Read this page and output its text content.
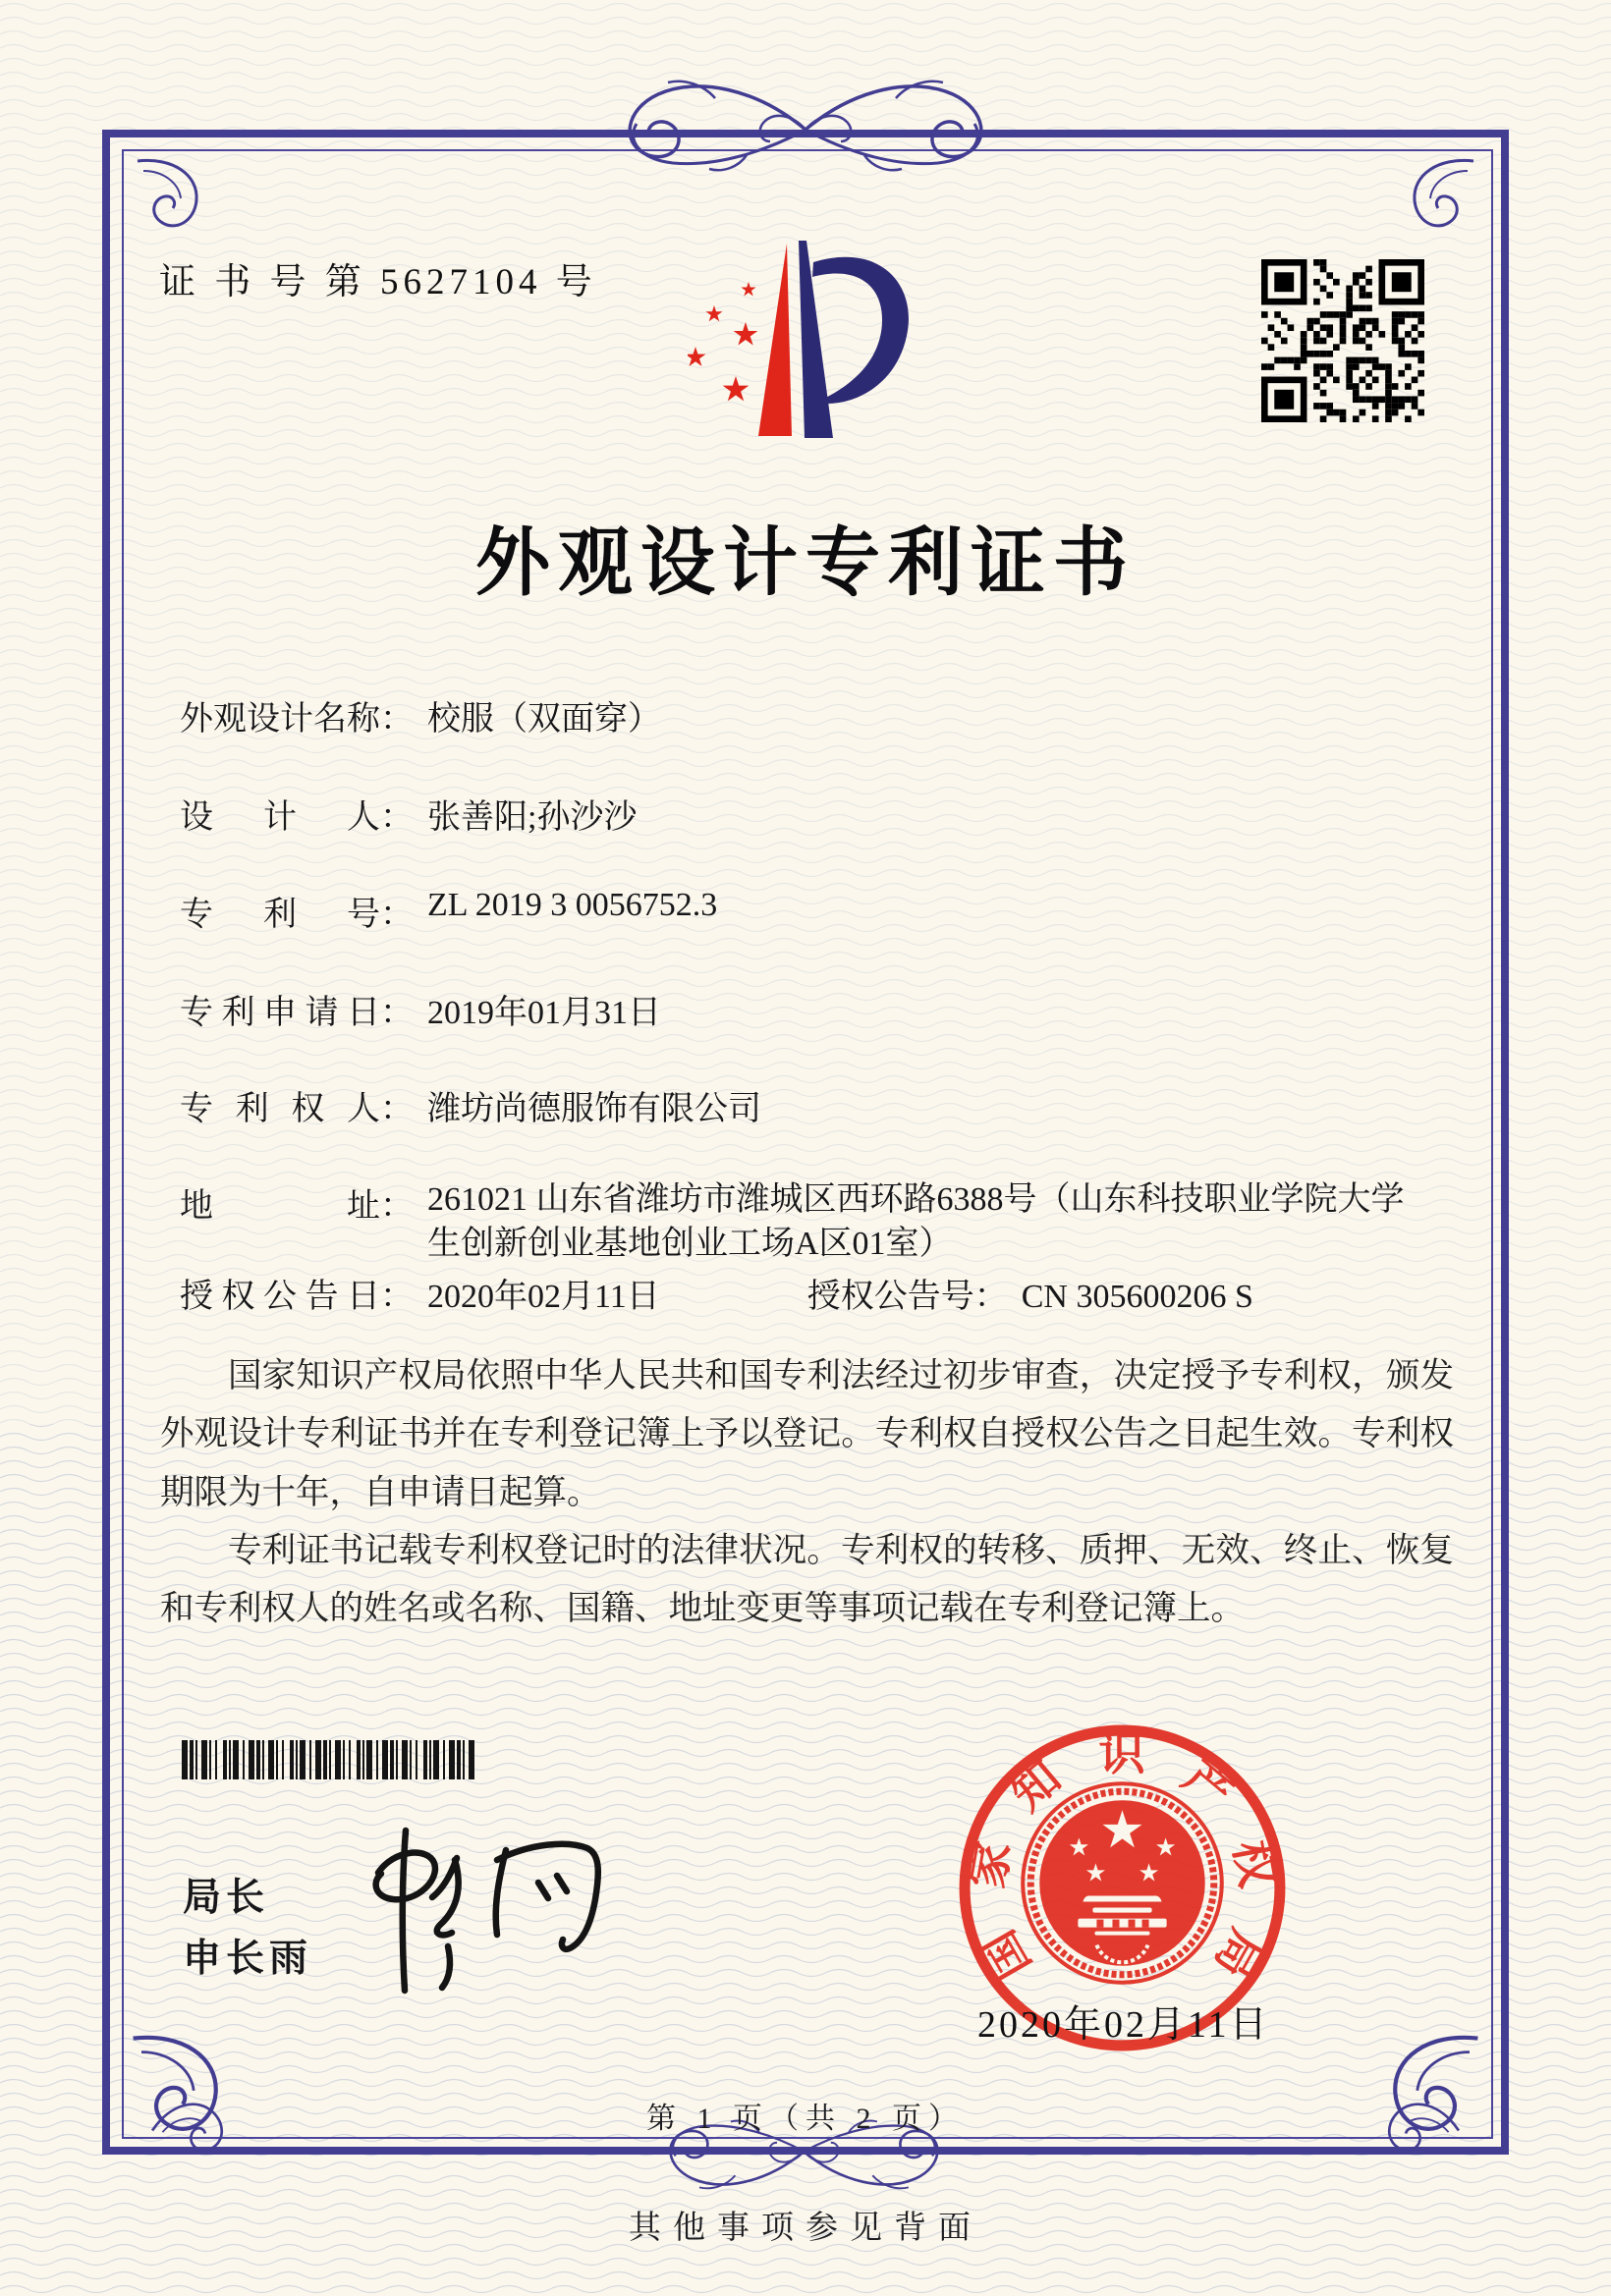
证 书 号 第 5627104 号
外观设计专利证书
外观设计名称： 校服（双面穿）
设计人： 张善阳;孙沙沙
专利号： ZL 2019 3 0056752.3
专利申请日： 2019年01月31日
专利权人： 潍坊尚德服饰有限公司
地址： 261021 山东省潍坊市潍城区西环路6388号（山东科技职业学院大学生创新创业基地创业工场A区01室）
授权公告日： 2020年02月11日	授权公告号： CN 305600206 S

国家知识产权局依照中华人民共和国专利法经过初步审查，决定授予专利权，颁发外观设计专利证书并在专利登记簿上予以登记。专利权自授权公告之日起生效。专利权期限为十年，自申请日起算。

专利证书记载专利权登记时的法律状况。专利权的转移、质押、无效、终止、恢复和专利权人的姓名或名称、国籍、地址变更等事项记载在专利登记簿上。

局长
申长雨	国家知识产权局
2020年02月11日
第 1 页（共 2 页）
其他事项参见背面
